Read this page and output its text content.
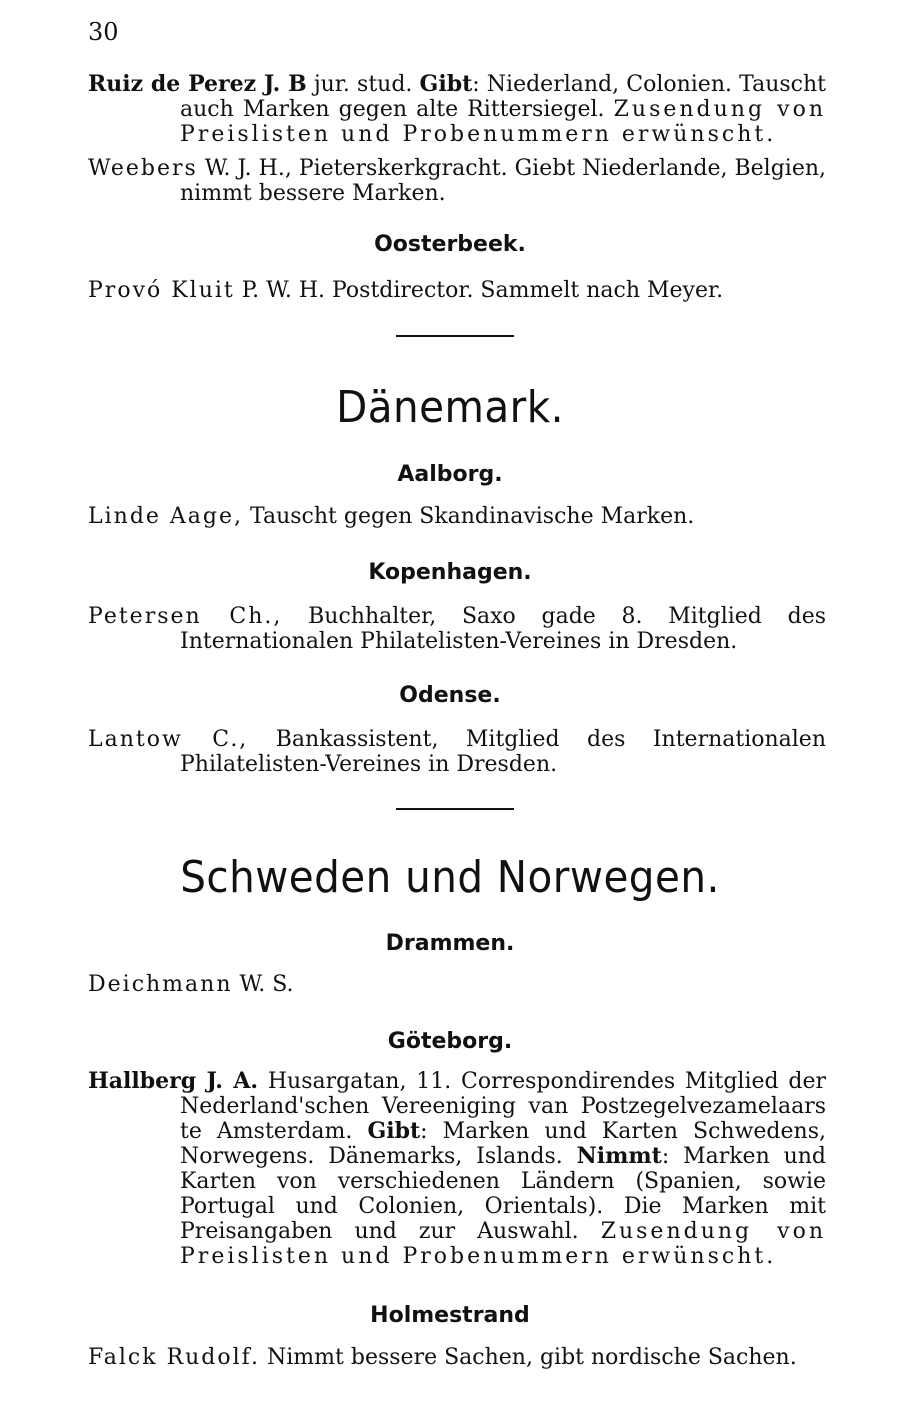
30
Ruiz de Perez J. B jur. stud. Gibt: Niederland, Colonien. Tauscht auch Marken gegen alte Rittersiegel. Zusendung von Preislisten und Probenummern erwünscht.
Weebers W. J. H., Pieterskerkgracht. Giebt Niederlande, Belgien, nimmt bessere Marken.
Oosterbeek.
Provó Kluit P. W. H. Postdirector. Sammelt nach Meyer.
Dänemark.
Aalborg.
Linde Aage, Tauscht gegen Skandinavische Marken.
Kopenhagen.
Petersen Ch., Buchhalter, Saxo gade 8. Mitglied des Internationalen Philatelisten-Vereines in Dresden.
Odense.
Lantow C., Bankassistent, Mitglied des Internationalen Philatelisten-Vereines in Dresden.
Schweden und Norwegen.
Drammen.
Deichmann W. S.
Göteborg.
Hallberg J. A. Husargatan, 11. Correspondirendes Mitglied der Nederland'schen Vereeniging van Postzegelvezamelaars te Amsterdam. Gibt: Marken und Karten Schwedens, Norwegens. Dänemarks, Islands. Nimmt: Marken und Karten von verschiedenen Ländern (Spanien, sowie Portugal und Colonien, Orientals). Die Marken mit Preisangaben und zur Auswahl. Zusendung von Preislisten und Probenummern erwünscht.
Holmestrand
Falck Rudolf. Nimmt bessere Sachen, gibt nordische Sachen.
